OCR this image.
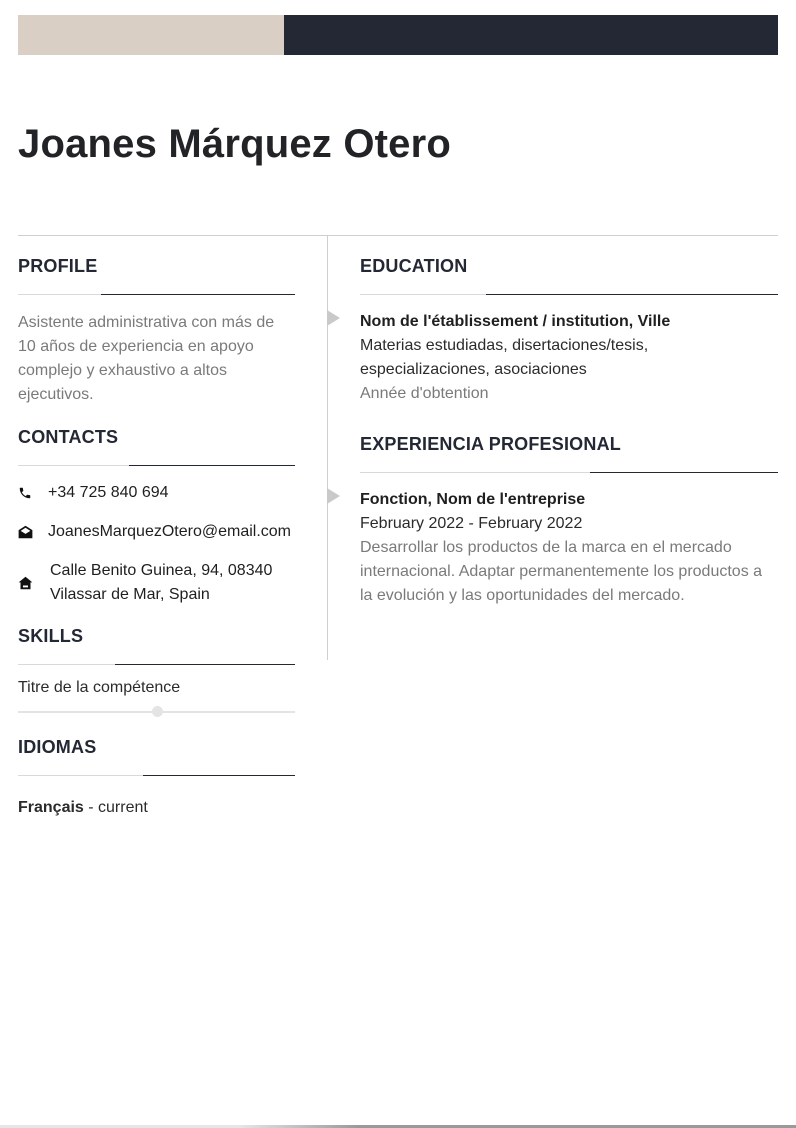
Joanes Márquez Otero
PROFILE

Asistente administrativa con más de 10 años de experiencia en apoyo complejo y exhaustivo a altos ejecutivos.

CONTACTS
+34 725 840 694
JoanesMarquezOtero@email.com
Calle Benito Guinea, 94, 08340 Vilassar de Mar, Spain
SKILLS

Titre de la compétence

IDIOMAS

Français - current

EDUCATION

Nom de l'établissement / institution, Ville

Materias estudiadas, disertaciones/tesis, especializaciones, asociaciones

Année d'obtention

EXPERIENCIA PROFESIONAL

Fonction, Nom de l'entreprise

February 2022 - February 2022

Desarrollar los productos de la marca en el mercado internacional. Adaptar permanentemente los productos a la evolución y las oportunidades del mercado.
